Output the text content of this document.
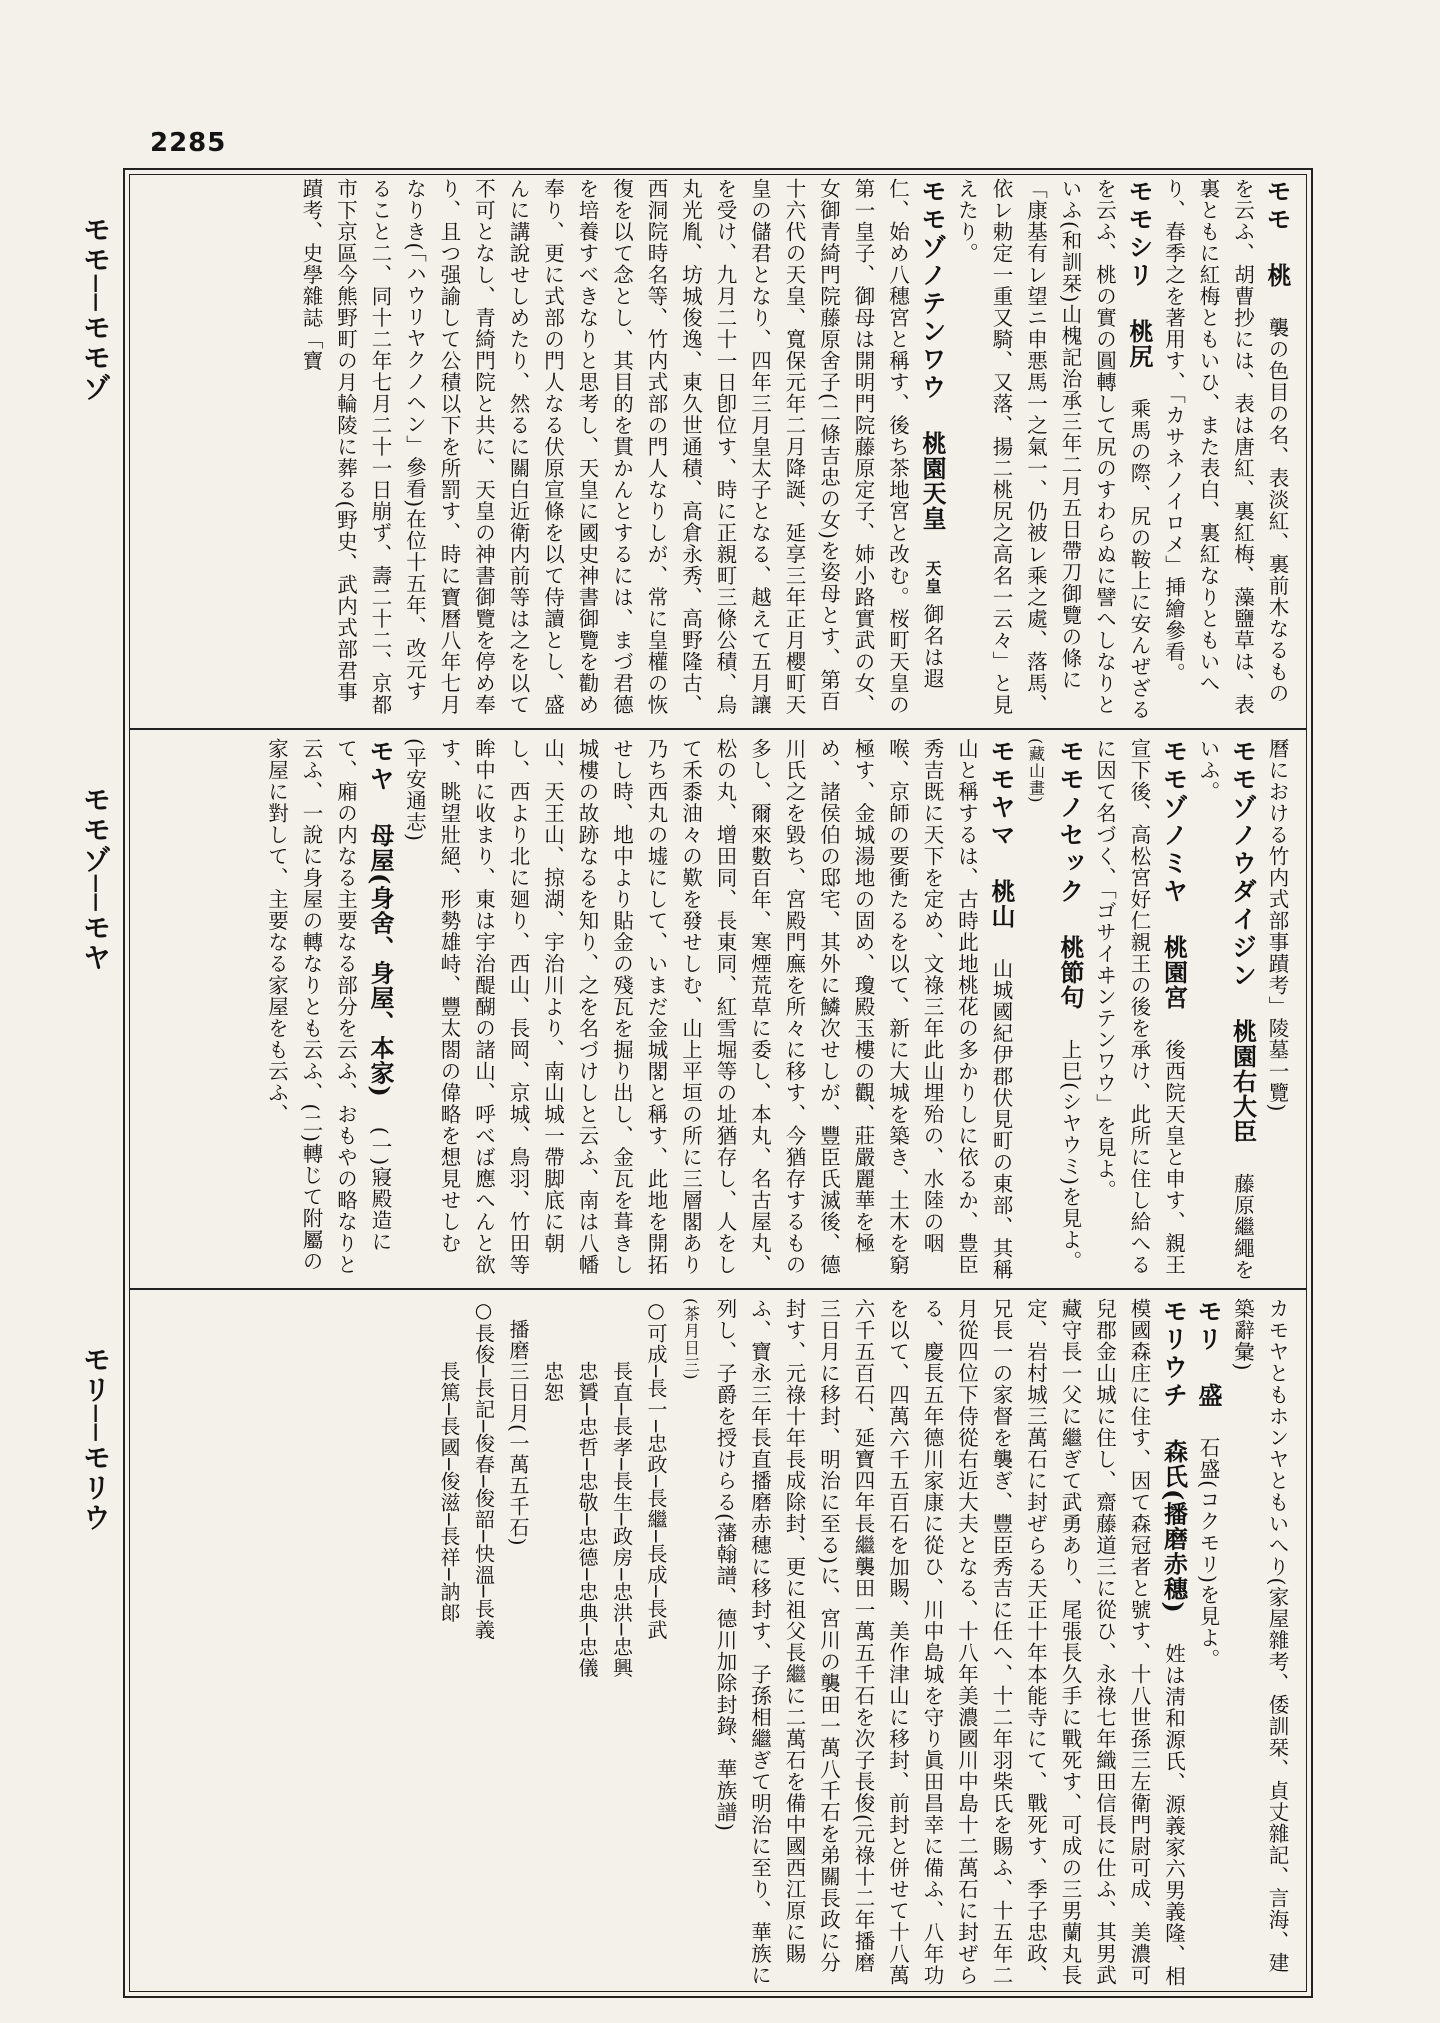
2285
モモ──モモゾ
モモゾ──モヤ
モリ──モリウ

モモ　 桃　 襲の色目の名、表淡紅、裏前木なるものを云ふ、胡曹抄には、表は唐紅、裏紅梅、藻鹽草は、表裏ともに紅梅ともいひ、また表白、裏紅なりともいへり、春季之を著用す、「カサネノイロメ」挿繪參看。

モモシリ　 桃尻　 乘馬の際、尻の鞍上に安んぜざるを云ふ、桃の實の圓轉して尻のすわらぬに譬へしなりといふ(和訓栞)山槐記治承三年二月五日帶刀御覽の條に「康基有レ望ニ申悪馬一之氣一、仍被レ乘之處、落馬、依レ勅定一重又騎、又落、揚二桃尻之高名一云々」と見えたり。

モモゾノテンワウ　 桃園天皇　 天皇 御名は遐仁、始め八穗宮と稱す、後ち茶地宮と改む。桜町天皇の第一皇子、御母は開明門院藤原定子、姉小路實武の女、女御青綺門院藤原舍子(二條吉忠の女)を姿母とす、第百十六代の天皇、寬保元年二月降誕、延享三年正月櫻町天皇の儲君となり、四年三月皇太子となる、越えて五月讓を受け、九月二十一日卽位す、時に正親町三條公積、烏丸光胤、坊城俊逸、東久世通積、高倉永秀、高野隆古、西洞院時名等、竹内式部の門人なりしが、常に皇權の恢復を以て念とし、其目的を貫かんとするには、まづ君德を培養すべきなりと思考し、天皇に國史神書御覽を勸め奉り、更に式部の門人なる伏原宣條を以て侍讀とし、盛んに講說せしめたり、然るに關白近衛内前等は之を以て不可となし、青綺門院と共に、天皇の神書御覽を停め奉り、且つ强諭して公積以下を所罰す、時に寶曆八年七月なりき(「ハウリヤクノヘン」參看)在位十五年、改元すること二、同十二年七月二十一日崩ず、壽二十二、京都市下京區今熊野町の月輪陵に葬る(野史、武内式部君事蹟考、史學雜誌「寶

曆における竹内式部事蹟考」陵墓一覽)

モモゾノウダイジン　 桃園右大臣　 藤原繼繩をいふ。

モモゾノミヤ　 桃園宮　 後西院天皇と申す、親王宣下後、高松宮好仁親王の後を承け、此所に住し給へるに因て名づく、「ゴサイヰンテンワウ」を見よ。

モモノセック　 桃節句　 上巳(シヤウミ)を見よ。

(藏山畫)

モモヤマ　 桃山　 山城國紀伊郡伏見町の東部、其稱山と稱するは、古時此地桃花の多かりしに依るか、豊臣秀吉既に天下を定め、文祿三年此山埋殆の、水陸の咽喉、京師の要衝たるを以て、新に大城を築き、土木を窮極す、金城湯地の固め、瓊殿玉樓の觀、莊嚴麗華を極め、諸侯伯の邸宅、其外に鱗次せしが、豐臣氏滅後、德川氏之を毀ち、宮殿門廡を所々に移す、今猶存するもの多し、爾來數百年、寒煙荒草に委し、本丸、名古屋丸、松の丸、增田同、長東同、紅雪堀等の址猶存し、人をして禾黍油々の歎を發せしむ、山上平垣の所に三層閣あり乃ち西丸の墟にして、いまだ金城閣と稱す、此地を開拓せし時、地中より貼金の殘瓦を掘り出し、金瓦を葺きし城樓の故跡なるを知り、之を名づけしと云ふ、南は八幡山、天王山、掠湖、宇治川より、南山城一帶脚底に朝し、西より北に廻り、西山、長岡、京城、鳥羽、竹田等眸中に收まり、東は宇治醍醐の諸山、呼べば應へんと欲す、眺望壯絕、形勢雄峙、豐太閤の偉略を想見せしむ(平安通志)

モヤ　 母屋(身舍、身屋、本家)　 (一)寢殿造にて、廂の内なる主要なる部分を云ふ、おもやの略なりと云ふ、一說に身屋の轉なりとも云ふ、(二)轉じて附屬の家屋に對して、主要なる家屋をも云ふ、

カモヤともホンヤともいへり(家屋雜考、倭訓栞、貞丈雜記、言海、建築辭彙)

モリ　 盛　 石盛(コクモリ)を見よ。

モリウチ　 森氏(播磨赤穗)　 姓は淸和源氏、源義家六男義隆、相模國森庄に住す、因て森冠者と號す、十八世孫三左衛門尉可成、美濃可兒郡金山城に住し、齋藤道三に從ひ、永祿七年織田信長に仕ふ、其男武藏守長一父に繼ぎて武勇あり、尾張長久手に戰死す、可成の三男蘭丸長定、岩村城三萬石に封ぜらる天正十年本能寺にて、戰死す、季子忠政、兄長一の家督を襲ぎ、豐臣秀吉に任へ、十二年羽柴氏を賜ふ、十五年二月從四位下侍從右近大夫となる、十八年美濃國川中島十二萬石に封ぜらる、慶長五年德川家康に從ひ、川中島城を守り眞田昌幸に備ふ、八年功を以て、四萬六千五百石を加賜、美作津山に移封、前封と併せて十八萬六千五百石、延寶四年長繼襲田一萬五千石を次子長俊(元祿十二年播磨三日月に移封、明治に至る)に、宮川の襲田一萬八千石を弟關長政に分封す、元祿十年長成除封、更に祖父長繼に二萬石を備中國西江原に賜ふ、寶永三年長直播磨赤穗に移封す、子孫相繼ぎて明治に至り、華族に列し、子爵を授けらる(藩翰譜、德川加除封錄、華族譜)

(茶月日三)

○可成─長一─忠政─長繼─長成─長武

　　　長直─長孝─長生─政房─忠洪─忠興

　　　忠贇─忠哲─忠敬─忠德─忠典─忠儀

　　　忠恕

　播磨三日月(一萬五千石)

○長俊─長記─俊春─俊韶─快溫─長義

　　　長篤─長國─俊滋─長祥─訥郞
